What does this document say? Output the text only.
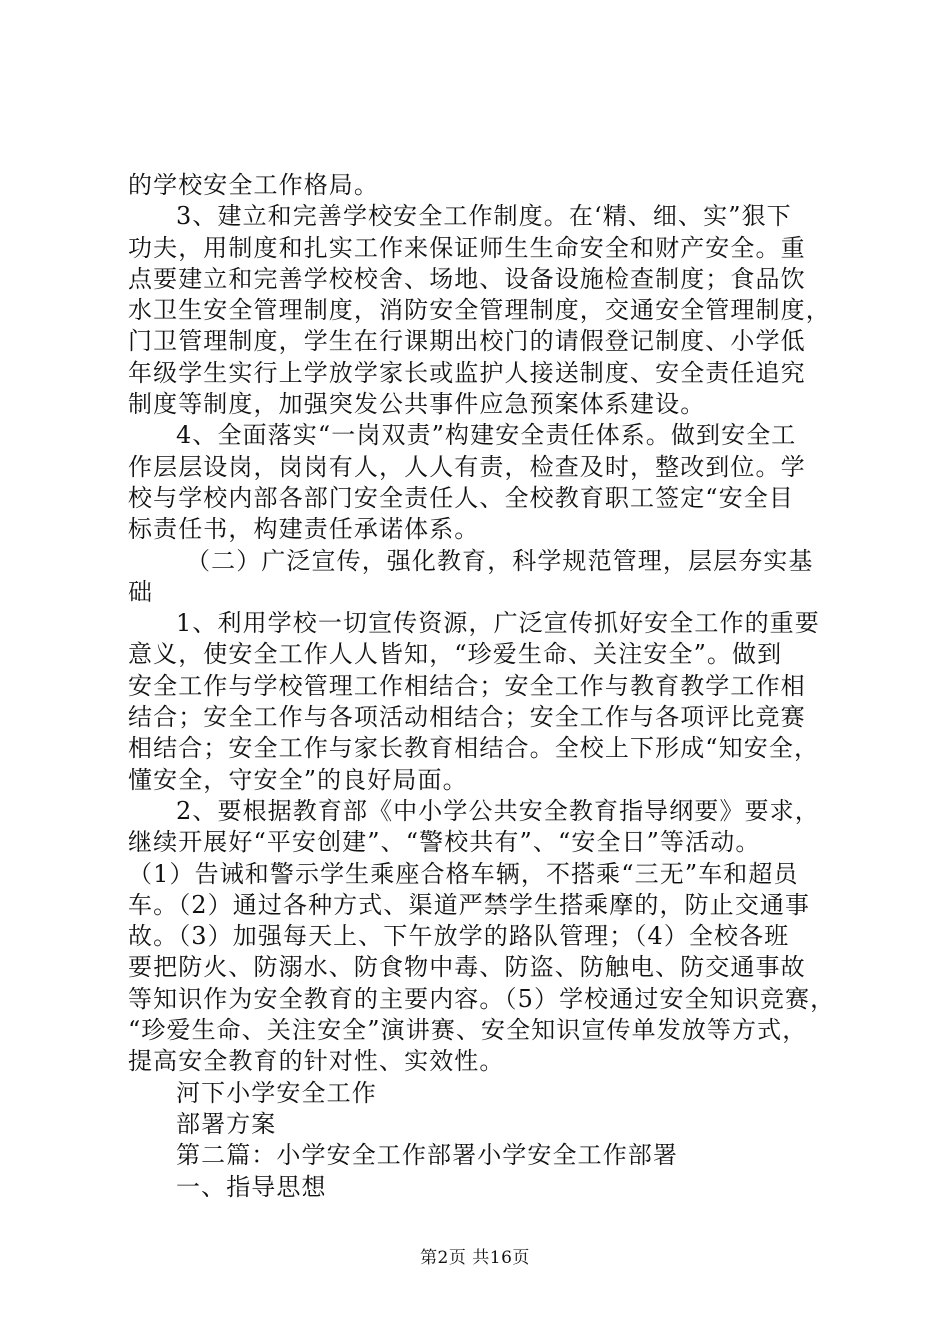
的学校安全工作格局。
3、建立和完善学校安全工作制度。在‘精、细、实”狠下
功夫，用制度和扎实工作来保证师生生命安全和财产安全。重
点要建立和完善学校校舍、场地、设备设施检查制度；食品饮
水卫生安全管理制度，消防安全管理制度，交通安全管理制度，
门卫管理制度，学生在行课期出校门的请假登记制度、小学低
年级学生实行上学放学家长或监护人接送制度、安全责任追究
制度等制度，加强突发公共事件应急预案体系建设。
4、全面落实“一岗双责”构建安全责任体系。做到安全工
作层层设岗，岗岗有人，人人有责，检查及时，整改到位。学
校与学校内部各部门安全责任人、全校教育职工签定“安全目
标责任书，构建责任承诺体系。
（二）广泛宣传，强化教育，科学规范管理，层层夯实基
础
1、利用学校一切宣传资源，广泛宣传抓好安全工作的重要
意义，使安全工作人人皆知，“珍爱生命、关注安全”。做到
安全工作与学校管理工作相结合；安全工作与教育教学工作相
结合；安全工作与各项活动相结合；安全工作与各项评比竞赛
相结合；安全工作与家长教育相结合。全校上下形成“知安全，
懂安全，守安全”的良好局面。
2、要根据教育部《中小学公共安全教育指导纲要》要求，
继续开展好“平安创建”、“警校共有”、“安全日”等活动。
（1）告诫和警示学生乘座合格车辆，不搭乘“三无”车和超员
车。（2）通过各种方式、渠道严禁学生搭乘摩的，防止交通事
故。（3）加强每天上、下午放学的路队管理；（4）全校各班
要把防火、防溺水、防食物中毒、防盗、防触电、防交通事故
等知识作为安全教育的主要内容。（5）学校通过安全知识竞赛，
“珍爱生命、关注安全”演讲赛、安全知识宣传单发放等方式，
提高安全教育的针对性、实效性。
河下小学安全工作
部署方案
第二篇：小学安全工作部署小学安全工作部署
一、指导思想
第2页 共16页
